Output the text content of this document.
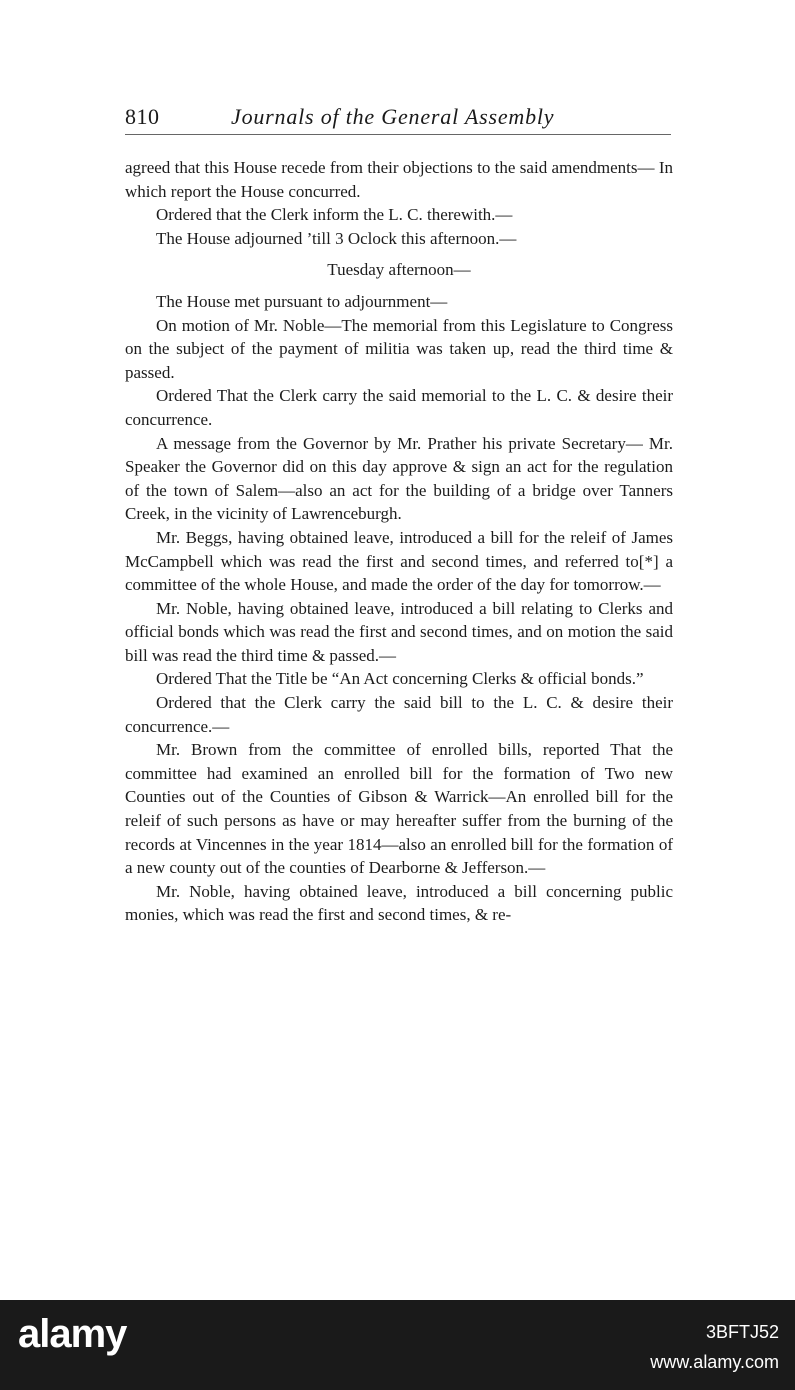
810	Journals of the General Assembly

agreed that this House recede from their objections to the said amendments— In which report the House concurred.

Ordered that the Clerk inform the L. C. therewith.—

The House adjourned ’till 3 Oclock this afternoon.—

Tuesday afternoon—

The House met pursuant to adjournment—

On motion of Mr. Noble—The memorial from this Legislature to Congress on the subject of the payment of militia was taken up, read the third time & passed.

Ordered That the Clerk carry the said memorial to the L. C. & desire their concurrence.

A message from the Governor by Mr. Prather his private Secretary— Mr. Speaker the Governor did on this day approve & sign an act for the regulation of the town of Salem—also an act for the building of a bridge over Tanners Creek, in the vicinity of Lawrenceburgh.

Mr. Beggs, having obtained leave, introduced a bill for the releif of James McCampbell which was read the first and second times, and referred to[*] a committee of the whole House, and made the order of the day for tomorrow.—

Mr. Noble, having obtained leave, introduced a bill relating to Clerks and official bonds which was read the first and second times, and on motion the said bill was read the third time & passed.—

Ordered That the Title be “An Act concerning Clerks & official bonds.”

Ordered that the Clerk carry the said bill to the L. C. & desire their concurrence.—

Mr. Brown from the committee of enrolled bills, reported That the committee had examined an enrolled bill for the formation of Two new Counties out of the Counties of Gibson & Warrick—An enrolled bill for the releif of such persons as have or may hereafter suffer from the burning of the records at Vincennes in the year 1814—also an enrolled bill for the formation of a new county out of the counties of Dearborne & Jefferson.—

Mr. Noble, having obtained leave, introduced a bill concerning public monies, which was read the first and second times, & re-

alamy	3BFTJ52
www.alamy.com
